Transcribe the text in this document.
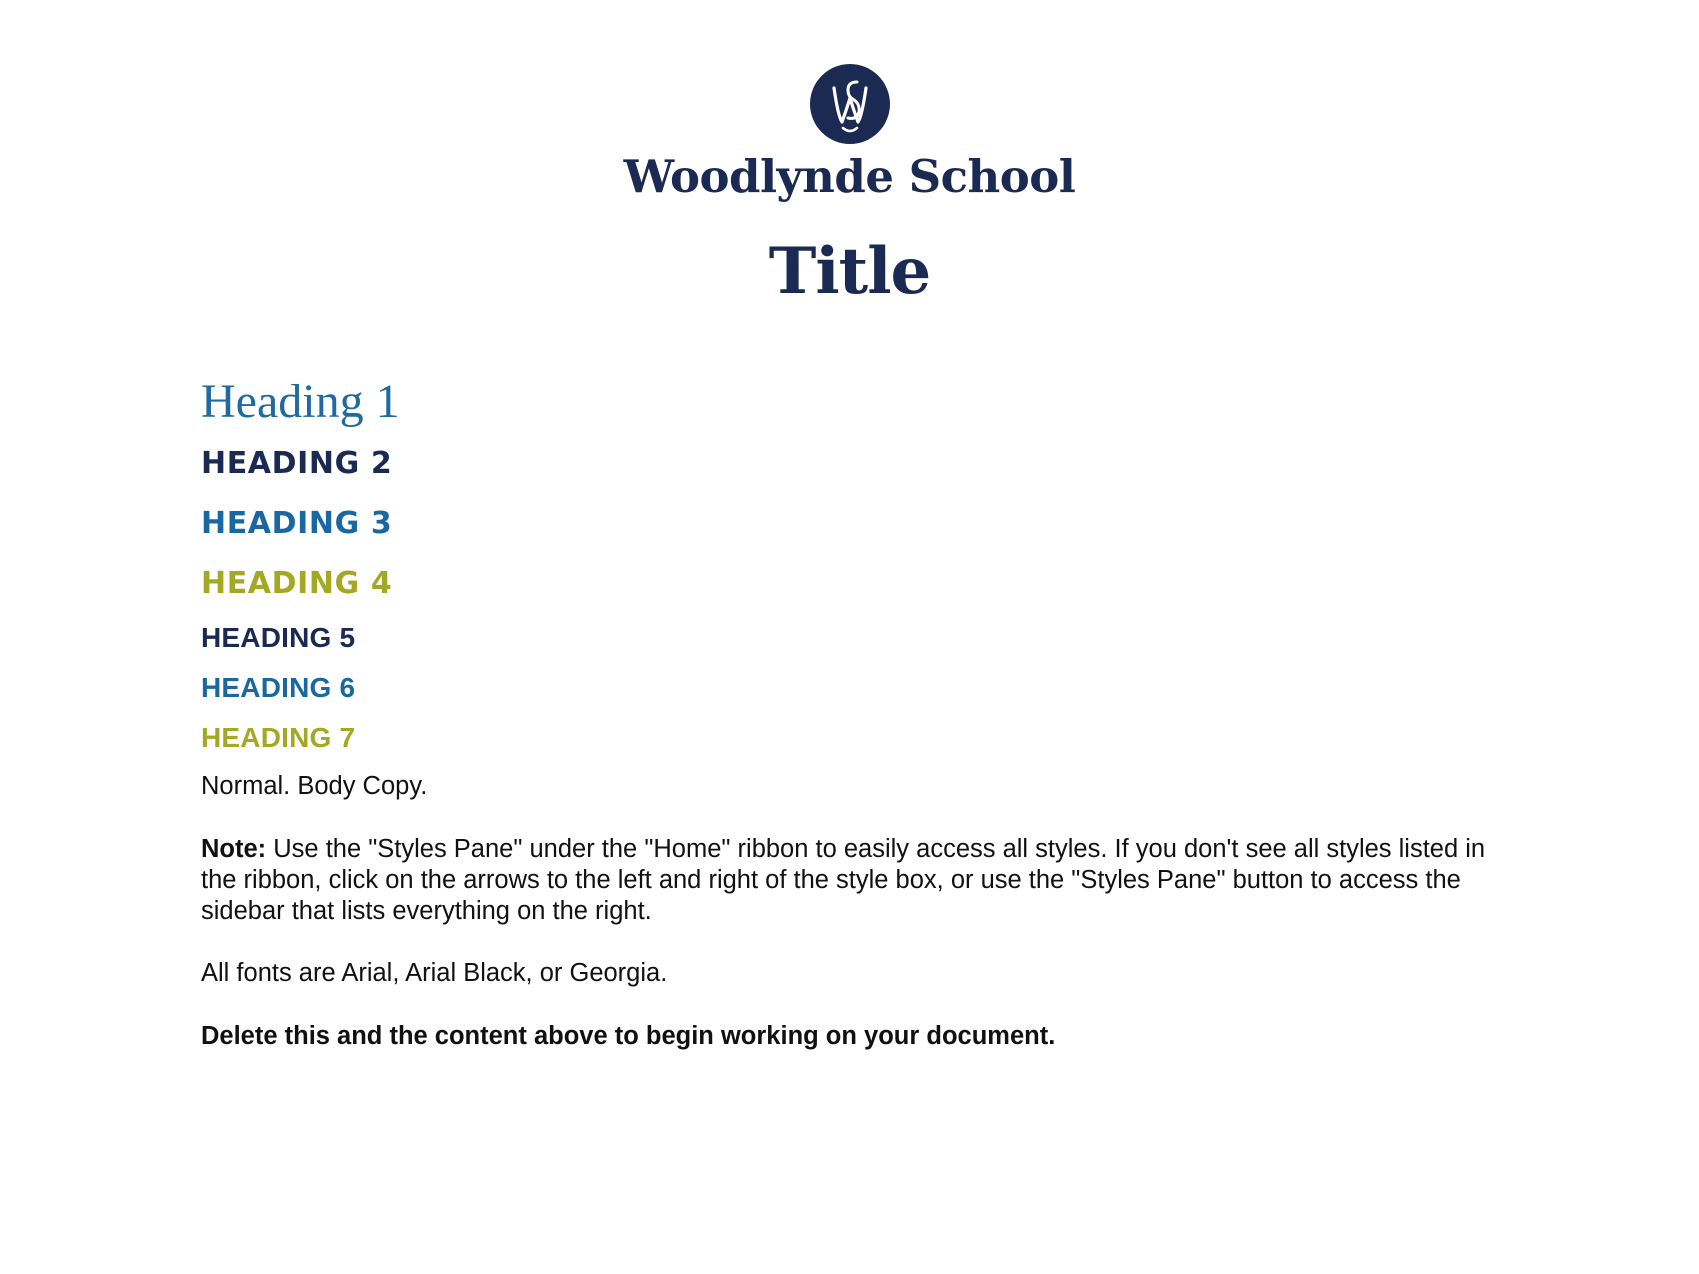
Woodlynde School
Title
Heading 1
HEADING 2
HEADING 3
HEADING 4
HEADING 5
HEADING 6
HEADING 7
Normal. Body Copy.
Note: Use the "Styles Pane" under the "Home" ribbon to easily access all styles. If you don't see all styles listed in the ribbon, click on the arrows to the left and right of the style box, or use the "Styles Pane" button to access the sidebar that lists everything on the right.
All fonts are Arial, Arial Black, or Georgia.
Delete this and the content above to begin working on your document.
